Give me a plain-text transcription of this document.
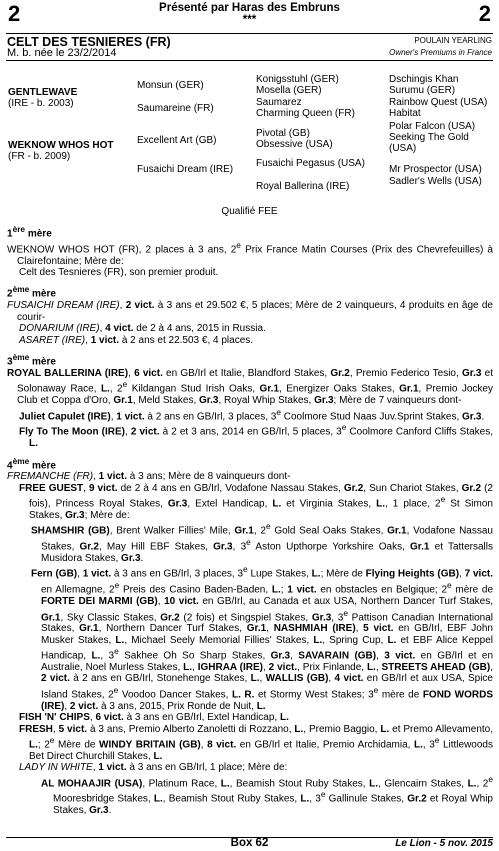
2	2
Présenté par Haras des Embruns
***
CELT DES TESNIERES (FR)
M. b. née le 23/2/2014
POULAIN YEARLING
Owner's Premiums in France
GENTLEWAVE
(IRE - b. 2003)
WEKNOW WHOS HOT
(FR - b. 2009)
Monsun (GER)
Saumareine (FR)
Excellent Art (GB)
Fusaichi Dream (IRE)
Konigsstuhl (GER)
Mosella (GER)
Saumarez
Charming Queen (FR)
Pivotal (GB)
Obsessive (USA)
Fusaichi Pegasus (USA)
Royal Ballerina (IRE)
Dschingis Khan
Surumu (GER)
Rainbow Quest (USA)
Habitat
Polar Falcon (USA)
Seeking The Gold (USA)
Mr Prospector (USA)
Sadler's Wells (USA)
Qualifié FEE

1ère mère

WEKNOW WHOS HOT (FR), 2 places à 3 ans, 2e Prix France Matin Courses (Prix des Chevrefeuilles) à Clairefontaine; Mère de:

Celt des Tesnieres (FR), son premier produit.

2ème mère

FUSAICHI DREAM (IRE), 2 vict. à 3 ans et 29.502 €, 5 places; Mère de 2 vainqueurs, 4 produits en âge de courir-

DONARIUM (IRE), 4 vict. de 2 à 4 ans, 2015 in Russia.

ASARET (IRE), 1 vict. à 2 ans et 22.503 €, 4 places.

3ème mère

ROYAL BALLERINA (IRE), 6 vict. en GB/Irl et Italie, Blandford Stakes, Gr.2, Premio Federico Tesio, Gr.3 et Solonaway Race, L., 2e Kildangan Stud Irish Oaks, Gr.1, Energizer Oaks Stakes, Gr.1, Premio Jockey Club et Coppa d'Oro, Gr.1, Meld Stakes, Gr.3, Royal Whip Stakes, Gr.3; Mère de 7 vainqueurs dont-

Juliet Capulet (IRE), 1 vict. à 2 ans en GB/Irl, 3 places, 3e Coolmore Stud Naas Juv.Sprint Stakes, Gr.3.

Fly To The Moon (IRE), 2 vict. à 2 et 3 ans, 2014 en GB/Irl, 5 places, 3e Coolmore Canford Cliffs Stakes, L.

4ème mère

FREMANCHE (FR), 1 vict. à 3 ans; Mère de 8 vainqueurs dont-

FREE GUEST, 9 vict. de 2 à 4 ans en GB/Irl, Vodafone Nassau Stakes, Gr.2, Sun Chariot Stakes, Gr.2 (2 fois), Princess Royal Stakes, Gr.3, Extel Handicap, L. et Virginia Stakes, L., 1 place, 2e St Simon Stakes, Gr.3; Mère de:

SHAMSHIR (GB), Brent Walker Fillies' Mile, Gr.1, 2e Gold Seal Oaks Stakes, Gr.1, Vodafone Nassau Stakes, Gr.2, May Hill EBF Stakes, Gr.3, 3e Aston Upthorpe Yorkshire Oaks, Gr.1 et Tattersalls Musidora Stakes, Gr.3.

Fern (GB), 1 vict. à 3 ans en GB/Irl, 3 places, 3e Lupe Stakes, L.; Mère de Flying Heights (GB), 7 vict. en Allemagne, 2e Preis des Casino Baden-Baden, L.; 1 vict. en obstacles en Belgique; 2e mère de FORTE DEI MARMI (GB), 10 vict. en GB/Irl, au Canada et aux USA, Northern Dancer Turf Stakes, Gr.1, Sky Classic Stakes, Gr.2 (2 fois) et Singspiel Stakes, Gr.3, 3e Pattison Canadian International Stakes, Gr.1, Northern Dancer Turf Stakes, Gr.1, NASHMIAH (IRE), 5 vict. en GB/Irl, EBF John Musker Stakes, L., Michael Seely Memorial Fillies' Stakes, L., Spring Cup, L. et EBF Alice Keppel Handicap, L., 3e Sakhee Oh So Sharp Stakes, Gr.3, SAVARAIN (GB), 3 vict. en GB/Irl et en Australie, Noel Murless Stakes, L., IGHRAA (IRE), 2 vict., Prix Finlande, L., STREETS AHEAD (GB), 2 vict. à 2 ans en GB/Irl, Stonehenge Stakes, L., WALLIS (GB), 4 vict. en GB/Irl et aux USA, Spice Island Stakes, 2e Voodoo Dancer Stakes, L. R. et Stormy West Stakes; 3e mère de FOND WORDS (IRE), 2 vict. à 3 ans, 2015, Prix Ronde de Nuit, L.

FISH 'N' CHIPS, 6 vict. à 3 ans en GB/Irl, Extel Handicap, L.

FRESH, 5 vict. à 3 ans, Premio Alberto Zanoletti di Rozzano, L., Premio Baggio, L. et Premo Allevamento, L.; 2e Mère de WINDY BRITAIN (GB), 8 vict. en GB/Irl et Italie, Premio Archidamia, L., 3e Littlewoods Bet Direct Churchill Stakes, L.

LADY IN WHITE, 1 vict. à 3 ans en GB/Irl, 1 place; Mère de:

AL MOHAAJIR (USA), Platinum Race, L., Beamish Stout Ruby Stakes, L., Glencairn Stakes, L., 2e Mooresbridge Stakes, L., Beamish Stout Ruby Stakes, L., 3e Gallinule Stakes, Gr.2 et Royal Whip Stakes, Gr.3.

Box 62	Le Lion - 5 nov. 2015
